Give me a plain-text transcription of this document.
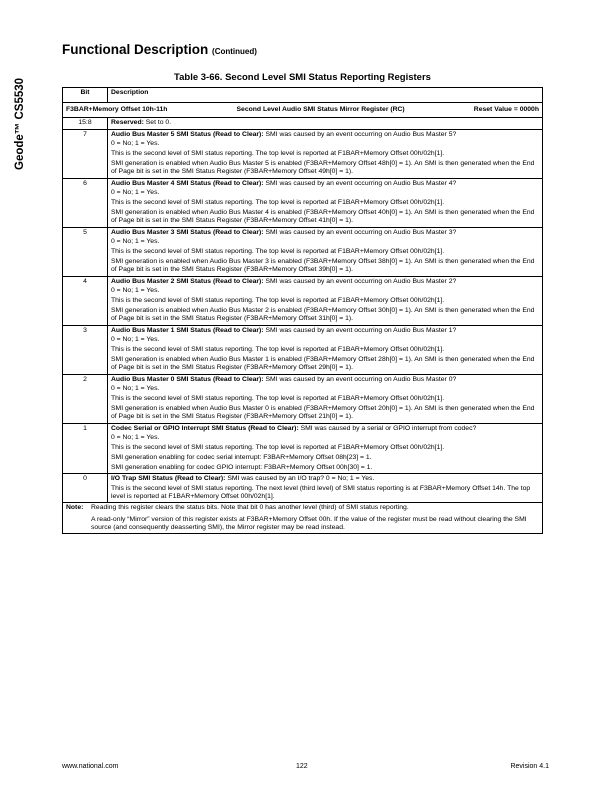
Geode™ CS5530
Functional Description (Continued)
Table 3-66. Second Level SMI Status Reporting Registers
Bit	Description

F3BAR+Memory Offset 10h-11h Second Level Audio SMI Status Mirror Register (RC) Reset Value = 0000h	

15:8	Reserved: Set to 0.

7	Audio Bus Master 5 SMI Status (Read to Clear): SMI was caused by an event occurring on Audio Bus Master 5?

0 = No; 1 = Yes.

This is the second level of SMI status reporting. The top level is reported at F1BAR+Memory Offset 00h/02h[1].

SMI generation is enabled when Audio Bus Master 5 is enabled (F3BAR+Memory Offset 48h[0] = 1). An SMI is then generated when the End of Page bit is set in the SMI Status Register (F3BAR+Memory Offset 49h[0] = 1).

6	Audio Bus Master 4 SMI Status (Read to Clear): SMI was caused by an event occurring on Audio Bus Master 4?

0 = No; 1 = Yes.

This is the second level of SMI status reporting. The top level is reported at F1BAR+Memory Offset 00h/02h[1].

SMI generation is enabled when Audio Bus Master 4 is enabled (F3BAR+Memory Offset 40h[0] = 1). An SMI is then generated when the End of Page bit is set in the SMI Status Register (F3BAR+Memory Offset 41h[0] = 1).

5	Audio Bus Master 3 SMI Status (Read to Clear): SMI was caused by an event occurring on Audio Bus Master 3?

0 = No; 1 = Yes.

This is the second level of SMI status reporting. The top level is reported at F1BAR+Memory Offset 00h/02h[1].

SMI generation is enabled when Audio Bus Master 3 is enabled (F3BAR+Memory Offset 38h[0] = 1). An SMI is then generated when the End of Page bit is set in the SMI Status Register (F3BAR+Memory Offset 39h[0] = 1).

4	Audio Bus Master 2 SMI Status (Read to Clear): SMI was caused by an event occurring on Audio Bus Master 2?

0 = No; 1 = Yes.

This is the second level of SMI status reporting. The top level is reported at F1BAR+Memory Offset 00h/02h[1].

SMI generation is enabled when Audio Bus Master 2 is enabled (F3BAR+Memory Offset 30h[0] = 1). An SMI is then generated when the End of Page bit is set in the SMI Status Register (F3BAR+Memory Offset 31h[0] = 1).

3	Audio Bus Master 1 SMI Status (Read to Clear): SMI was caused by an event occurring on Audio Bus Master 1?

0 = No; 1 = Yes.

This is the second level of SMI status reporting. The top level is reported at F1BAR+Memory Offset 00h/02h[1].

SMI generation is enabled when Audio Bus Master 1 is enabled (F3BAR+Memory Offset 28h[0] = 1). An SMI is then generated when the End of Page bit is set in the SMI Status Register (F3BAR+Memory Offset 29h[0] = 1).

2	Audio Bus Master 0 SMI Status (Read to Clear): SMI was caused by an event occurring on Audio Bus Master 0?

0 = No; 1 = Yes.

This is the second level of SMI status reporting. The top level is reported at F1BAR+Memory Offset 00h/02h[1].

SMI generation is enabled when Audio Bus Master 0 is enabled (F3BAR+Memory Offset 20h[0] = 1). An SMI is then generated when the End of Page bit is set in the SMI Status Register (F3BAR+Memory Offset 21h[0] = 1).

1	Codec Serial or GPIO Interrupt SMI Status (Read to Clear): SMI was caused by a serial or GPIO interrupt from codec?

0 = No; 1 = Yes.

This is the second level of SMI status reporting. The top level is reported at F1BAR+Memory Offset 00h/02h[1].

SMI generation enabling for codec serial interrupt: F3BAR+Memory Offset 08h[23] = 1.

SMI generation enabling for codec GPIO interrupt: F3BAR+Memory Offset 00h[30] = 1.

0	I/O Trap SMI Status (Read to Clear): SMI was caused by an I/O trap? 0 = No; 1 = Yes.

This is the second level of SMI status reporting. The next level (third level) of SMI status reporting is at F3BAR+Memory Offset 14h. The top level is reported at F1BAR+Memory Offset 00h/02h[1].

Note: Reading this register clears the status bits. Note that bit 0 has another level (third) of SMI status reporting.

A read-only “Mirror” version of this register exists at F3BAR+Memory Offset 00h. If the value of the register must be read without clearing the SMI source (and consequently deasserting SMI), the Mirror register may be read instead.	

www.national.com	122	Revision 4.1
